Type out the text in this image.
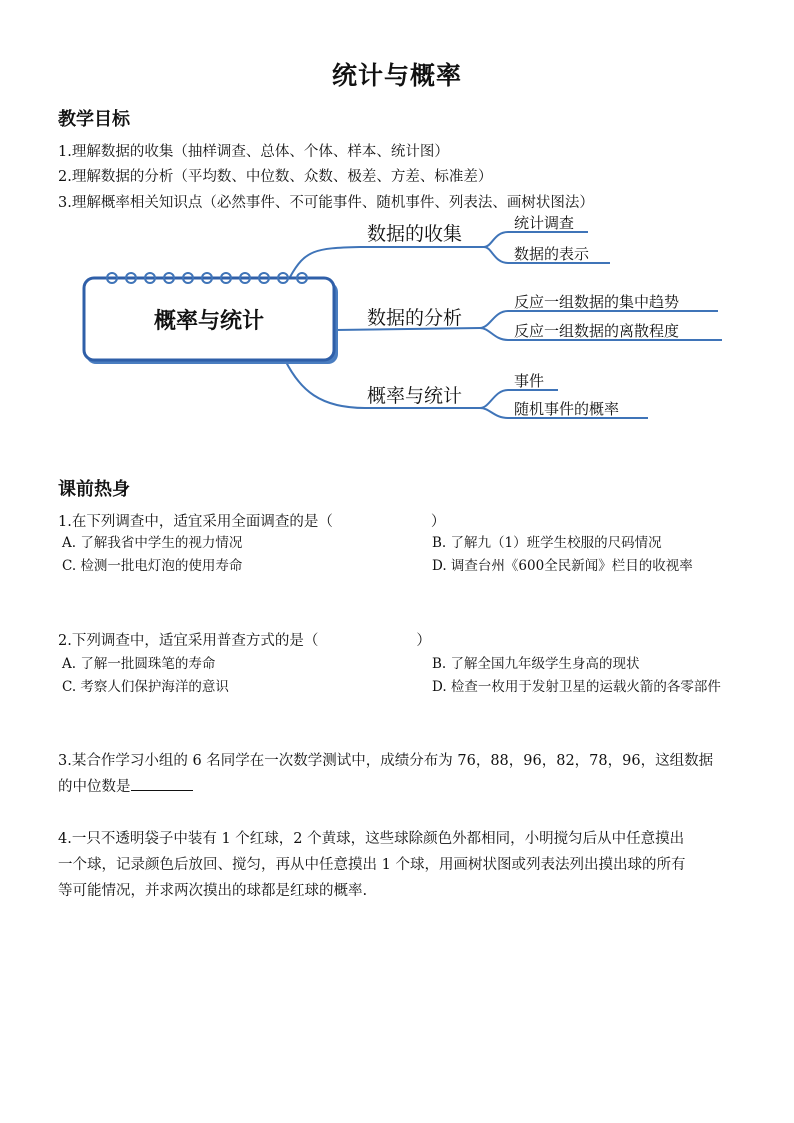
统计与概率
教学目标
1.理解数据的收集（抽样调查、总体、个体、样本、统计图）
2.理解数据的分析（平均数、中位数、众数、极差、方差、标准差）
3.理解概率相关知识点（必然事件、不可能事件、随机事件、列表法、画树状图法）
概率与统计
数据的收集
数据的分析
概率与统计
统计调查
数据的表示
反应一组数据的集中趋势
反应一组数据的离散程度
事件
随机事件的概率
课前热身
1.在下列调查中，适宜采用全面调查的是（	）
A. 了解我省中学生的视力情况	B. 了解九（1）班学生校服的尺码情况
C. 检测一批电灯泡的使用寿命	D. 调查台州《600全民新闻》栏目的收视率
2.下列调查中，适宜采用普查方式的是（	）
A. 了解一批圆珠笔的寿命	B. 了解全国九年级学生身高的现状
C. 考察人们保护海洋的意识	D. 检查一枚用于发射卫星的运载火箭的各零部件
3.某合作学习小组的 6 名同学在一次数学测试中，成绩分布为 76，88，96，82，78，96，这组数据
的中位数是
4.一只不透明袋子中装有 1 个红球，2 个黄球，这些球除颜色外都相同，小明搅匀后从中任意摸出
一个球，记录颜色后放回、搅匀，再从中任意摸出 1 个球，用画树状图或列表法列出摸出球的所有
等可能情况，并求两次摸出的球都是红球的概率.
